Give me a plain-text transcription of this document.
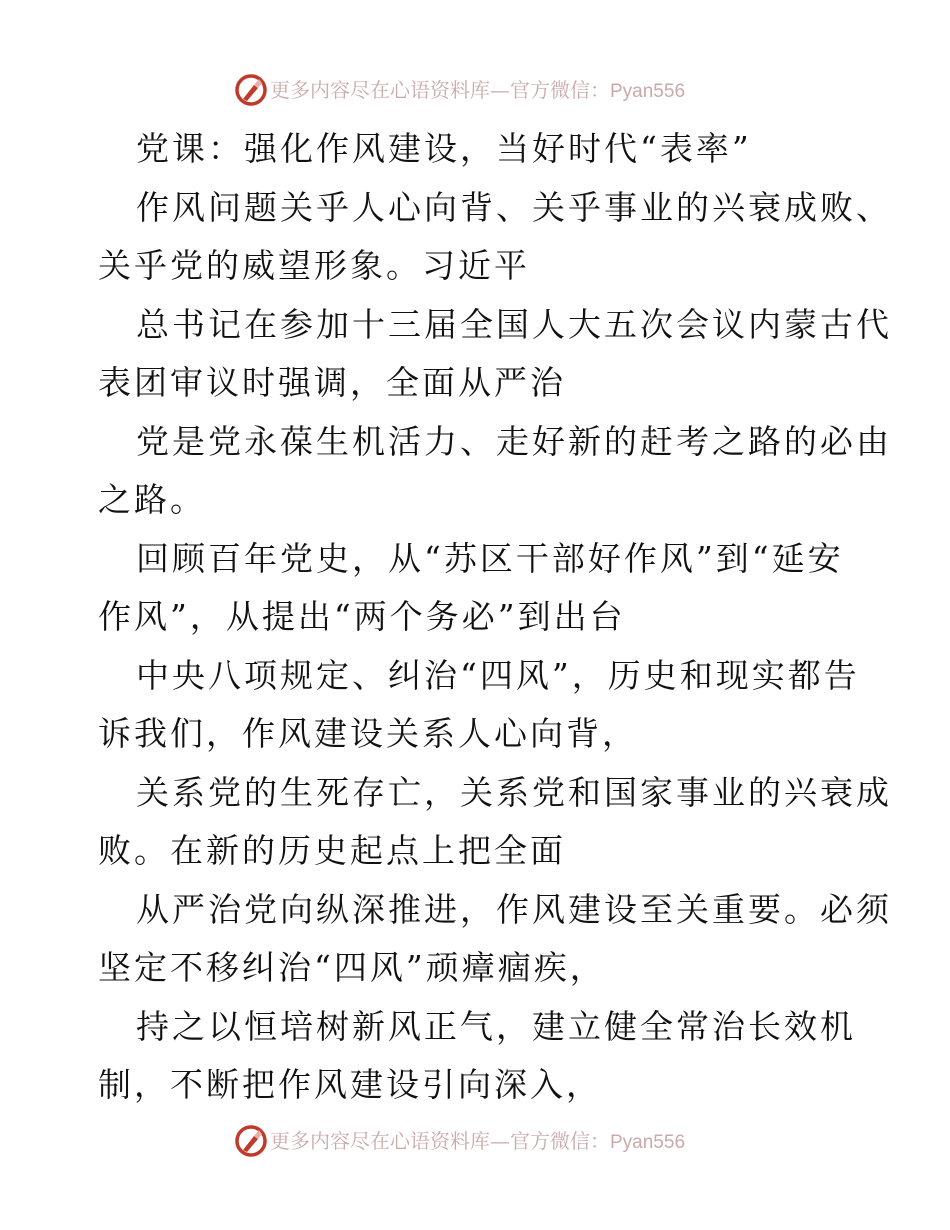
更多内容尽在心语资料库—官方微信：Pyan556
党课：强化作风建设，当好时代“表率”
作风问题关乎人心向背、关乎事业的兴衰成败、
关乎党的威望形象。习近平
总书记在参加十三届全国人大五次会议内蒙古代
表团审议时强调，全面从严治
党是党永葆生机活力、走好新的赶考之路的必由
之路。
回顾百年党史，从“苏区干部好作风”到“延安
作风”，从提出“两个务必”到出台
中央八项规定、纠治“四风”，历史和现实都告
诉我们，作风建设关系人心向背，
关系党的生死存亡，关系党和国家事业的兴衰成
败。在新的历史起点上把全面
从严治党向纵深推进，作风建设至关重要。必须
坚定不移纠治“四风”顽瘴痼疾，
持之以恒培树新风正气，建立健全常治长效机
制，不断把作风建设引向深入，
更多内容尽在心语资料库—官方微信：Pyan556
